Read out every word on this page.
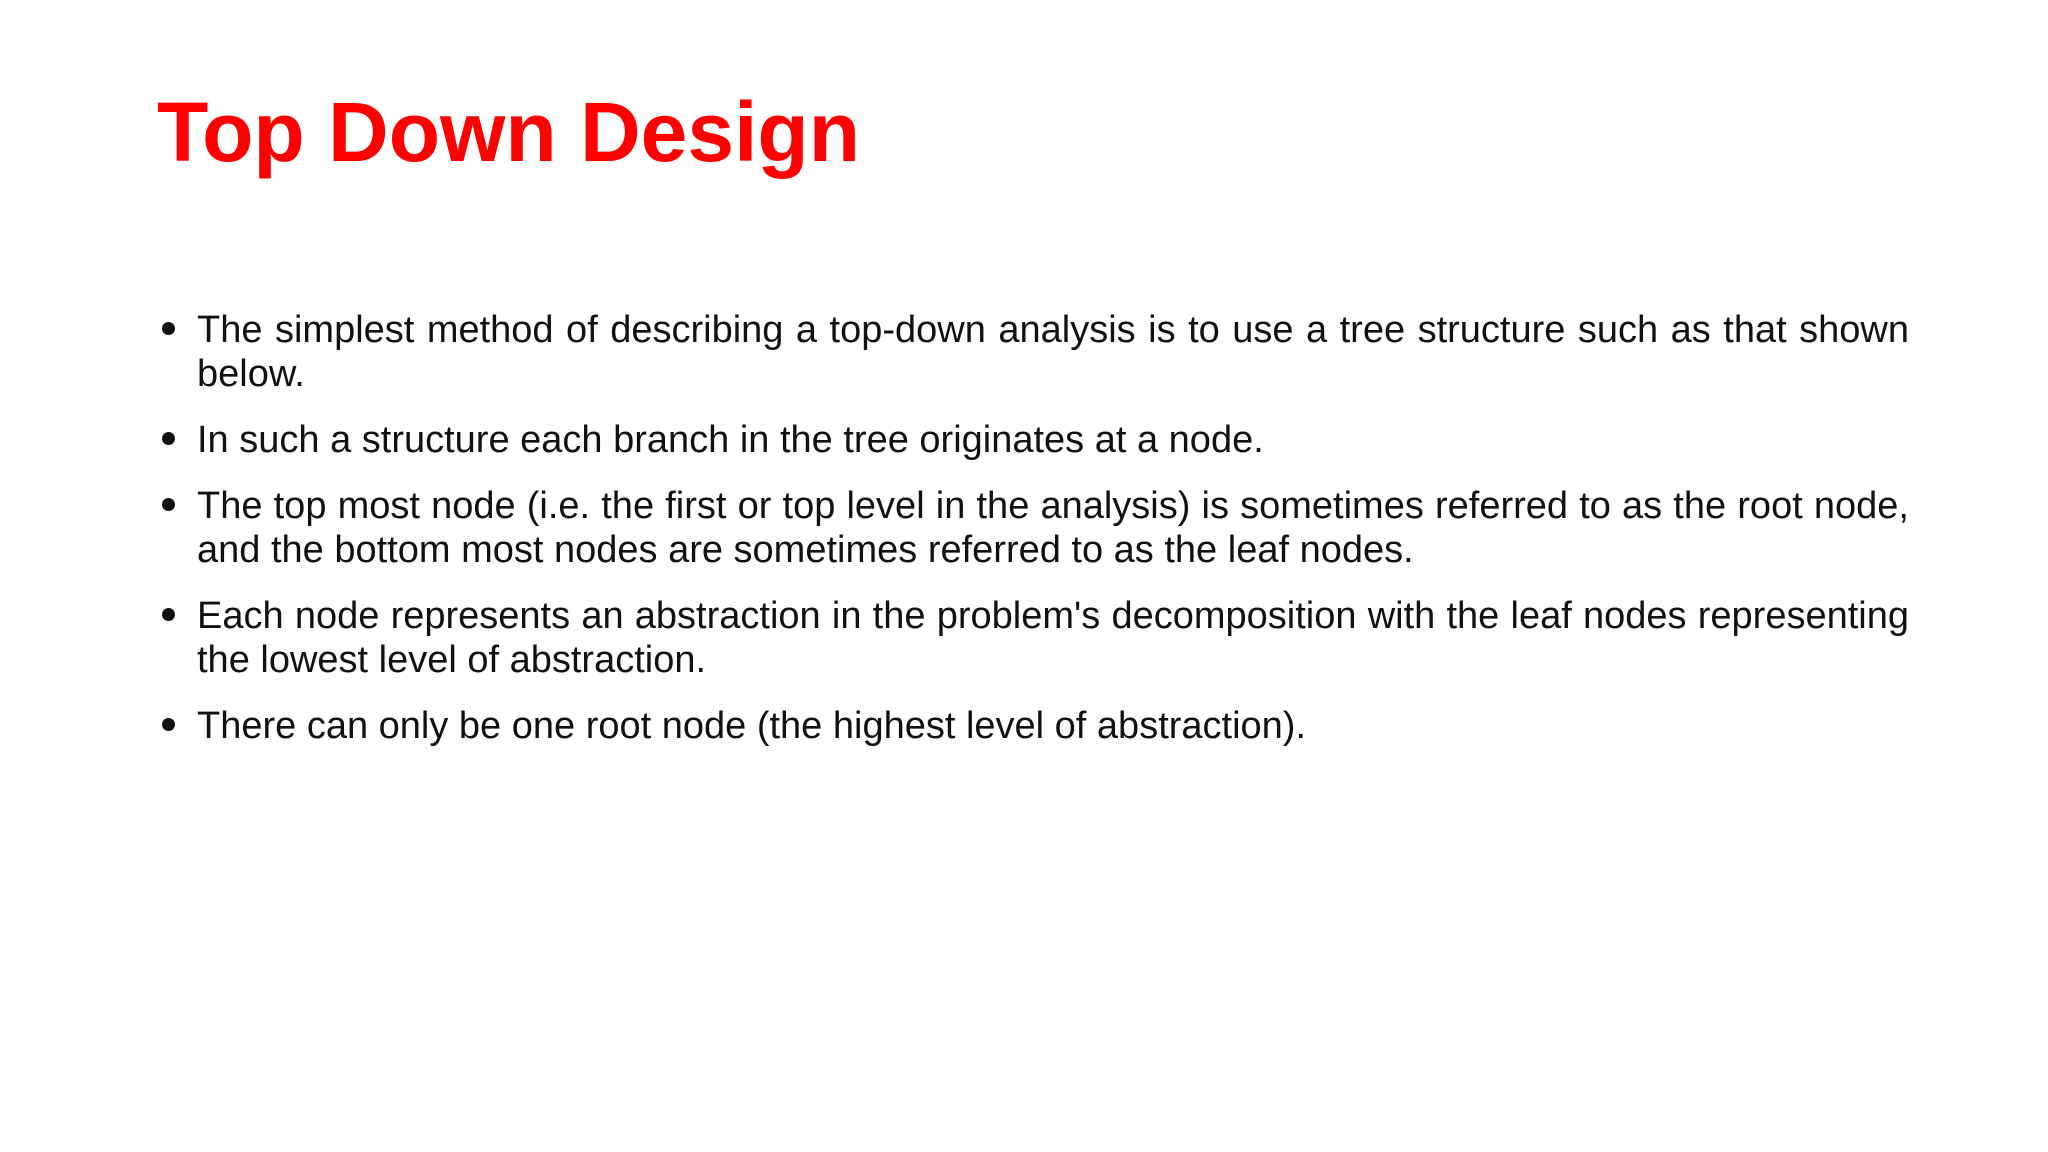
Top Down Design
The simplest method of describing a top-down analysis is to use a tree structure such as that shown below.
In such a structure each branch in the tree originates at a node.
The top most node (i.e. the first or top level in the analysis) is sometimes referred to as the root node, and the bottom most nodes are sometimes referred to as the leaf nodes.
Each node represents an abstraction in the problem's decomposition with the leaf nodes representing the lowest level of abstraction.
There can only be one root node (the highest level of abstraction).
